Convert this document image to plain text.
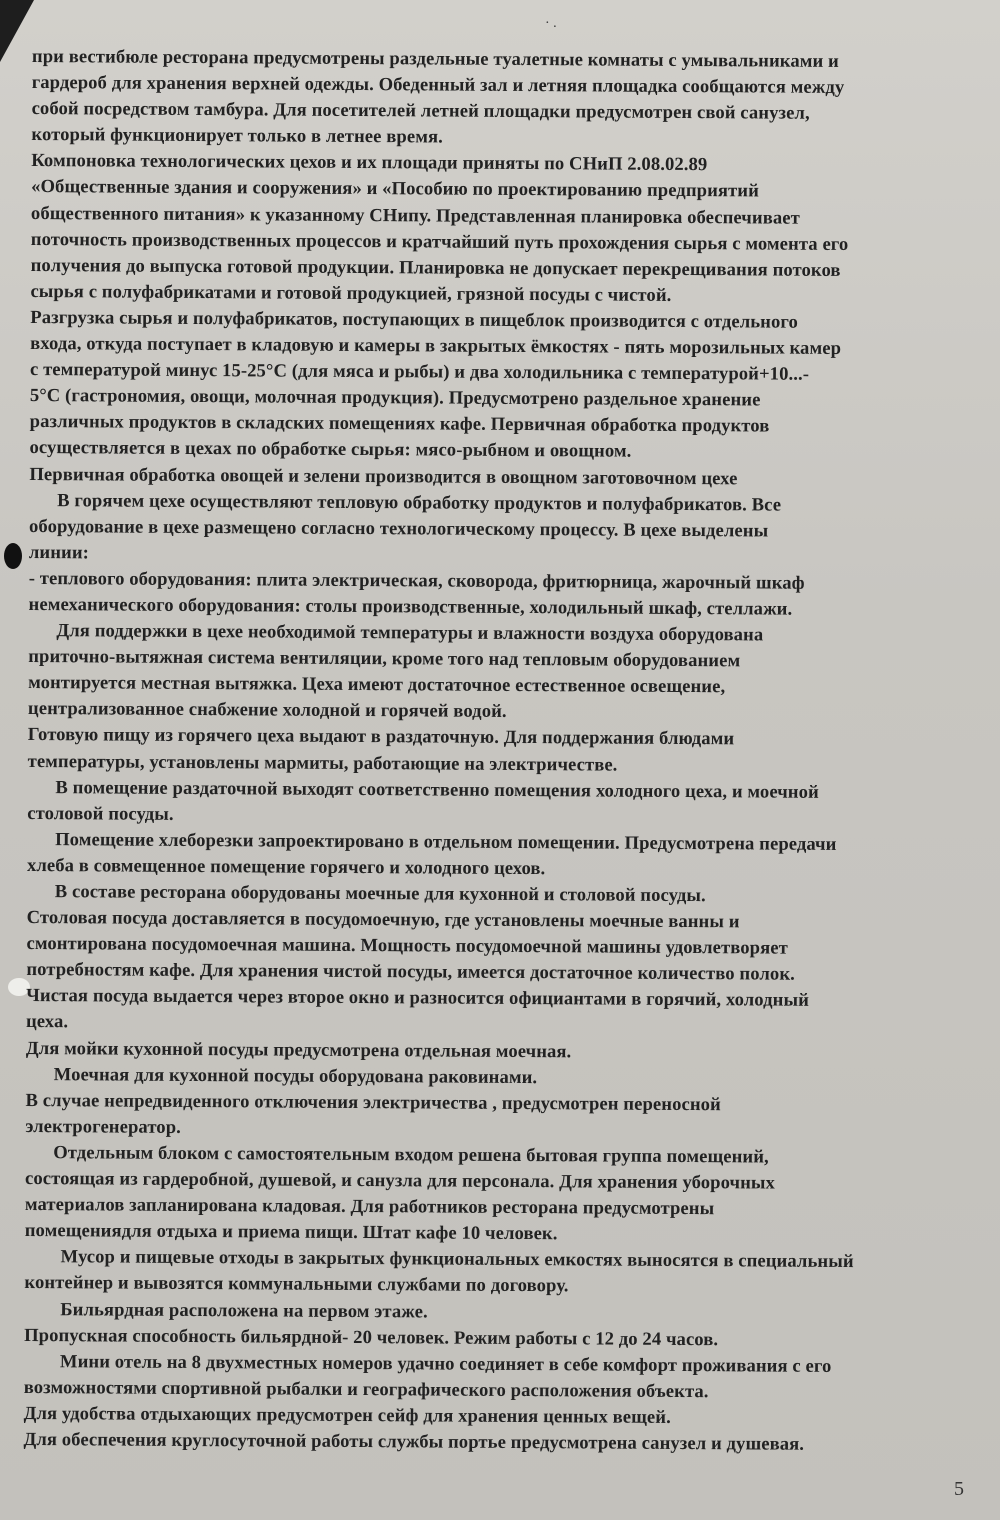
· .

при вестибюле ресторана предусмотрены раздельные туалетные комнаты с умывальниками и

гардероб для хранения верхней одежды. Обеденный зал и летняя площадка сообщаются между

собой посредством тамбура. Для посетителей летней площадки предусмотрен свой санузел,

который функционирует только в летнее время.

Компоновка технологических цехов и их площади приняты по СНиП 2.08.02.89

«Общественные здания и сооружения» и «Пособию по проектированию предприятий

общественного питания» к указанному СНипу. Представленная планировка обеспечивает

поточность производственных процессов и кратчайший путь прохождения сырья с момента его

получения до выпуска готовой продукции. Планировка не допускает перекрещивания потоков

сырья с полуфабрикатами и готовой продукцией, грязной посуды с чистой.

Разгрузка сырья и полуфабрикатов, поступающих в пищеблок производится с отдельного

входа, откуда поступает в кладовую и камеры в закрытых ёмкостях - пять морозильных камер

с температурой минус 15-25°С (для мяса и рыбы) и два холодильника с температурой+10...-

5°С (гастрономия, овощи, молочная продукция). Предусмотрено раздельное хранение

различных продуктов в складских помещениях кафе. Первичная обработка продуктов

осуществляется в цехах по обработке сырья: мясо-рыбном и овощном.

Первичная обработка овощей и зелени производится в овощном заготовочном цехе

В горячем цехе осуществляют тепловую обработку продуктов и полуфабрикатов. Все

оборудование в цехе размещено согласно технологическому процессу. В цехе выделены

линии:

- теплового оборудования: плита электрическая, сковорода, фритюрница, жарочный шкаф

немеханического оборудования: столы производственные, холодильный шкаф, стеллажи.

Для поддержки в цехе необходимой температуры и влажности воздуха оборудована

приточно-вытяжная система вентиляции, кроме того над тепловым оборудованием

монтируется местная вытяжка. Цеха имеют достаточное естественное освещение,

централизованное снабжение холодной и горячей водой.

Готовую пищу из горячего цеха выдают в раздаточную. Для поддержания блюдами

температуры, установлены мармиты, работающие на электричестве.

В помещение раздаточной выходят соответственно помещения холодного цеха, и моечной

столовой посуды.

Помещение хлеборезки запроектировано в отдельном помещении. Предусмотрена передачи

хлеба в совмещенное помещение горячего и холодного цехов.

В составе ресторана оборудованы моечные для кухонной и столовой посуды.

Столовая посуда доставляется в посудомоечную, где установлены моечные ванны и

смонтирована посудомоечная машина. Мощность посудомоечной машины удовлетворяет

потребностям кафе. Для хранения чистой посуды, имеется достаточное количество полок.

Чистая посуда выдается через второе окно и разносится официантами в горячий, холодный

цеха.

Для мойки кухонной посуды предусмотрена отдельная моечная.

Моечная для кухонной посуды оборудована раковинами.

В случае непредвиденного отключения электричества , предусмотрен переносной

электрогенератор.

Отдельным блоком с самостоятельным входом решена бытовая группа помещений,

состоящая из гардеробной, душевой, и санузла для персонала. Для хранения уборочных

материалов запланирована кладовая. Для работников ресторана предусмотрены

помещениядля отдыха и приема пищи. Штат кафе 10 человек.

Мусор и пищевые отходы в закрытых функциональных емкостях выносятся в специальный

контейнер и вывозятся коммунальными службами по договору.

Бильярдная расположена на первом этаже.

Пропускная способность бильярдной- 20 человек. Режим работы с 12 до 24 часов.

Мини отель на 8 двухместных номеров удачно соединяет в себе комфорт проживания с его

возможностями спортивной рыбалки и географического расположения объекта.

Для удобства отдыхающих предусмотрен сейф для хранения ценных вещей.

Для обеспечения круглосуточной работы службы портье предусмотрена санузел и душевая.

5
